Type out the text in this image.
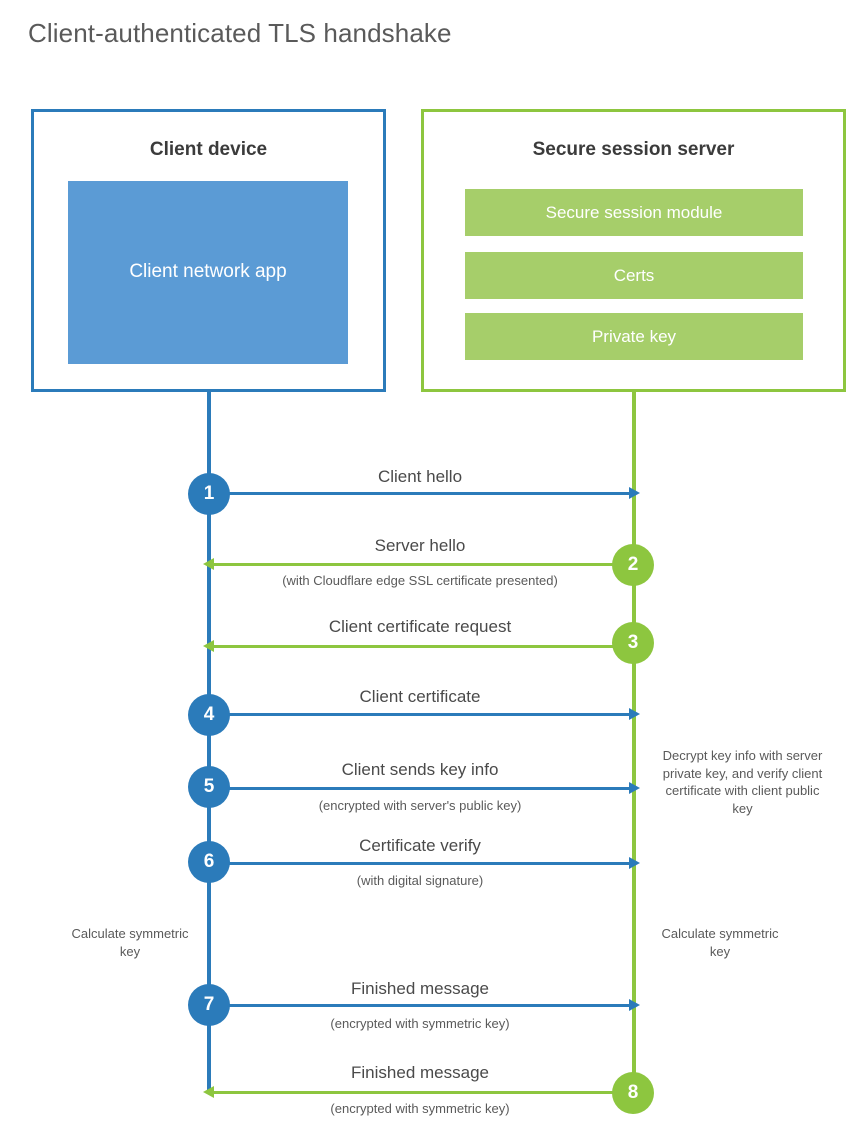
Client-authenticated TLS handshake
Client device
Client network app
Secure session server
Secure session module
Certs
Private key
Client hello
1
Server hello
(with Cloudflare edge SSL certificate presented)
2
Client certificate request
3
Client certificate
4
Client sends key info
(encrypted with server's public key)
5
Decrypt key info with server private key, and verify client certificate with client public key
Certificate verify
(with digital signature)
6
Calculate symmetric key
Calculate symmetric key
Finished message
(encrypted with symmetric key)
7
Finished message
(encrypted with symmetric key)
8
